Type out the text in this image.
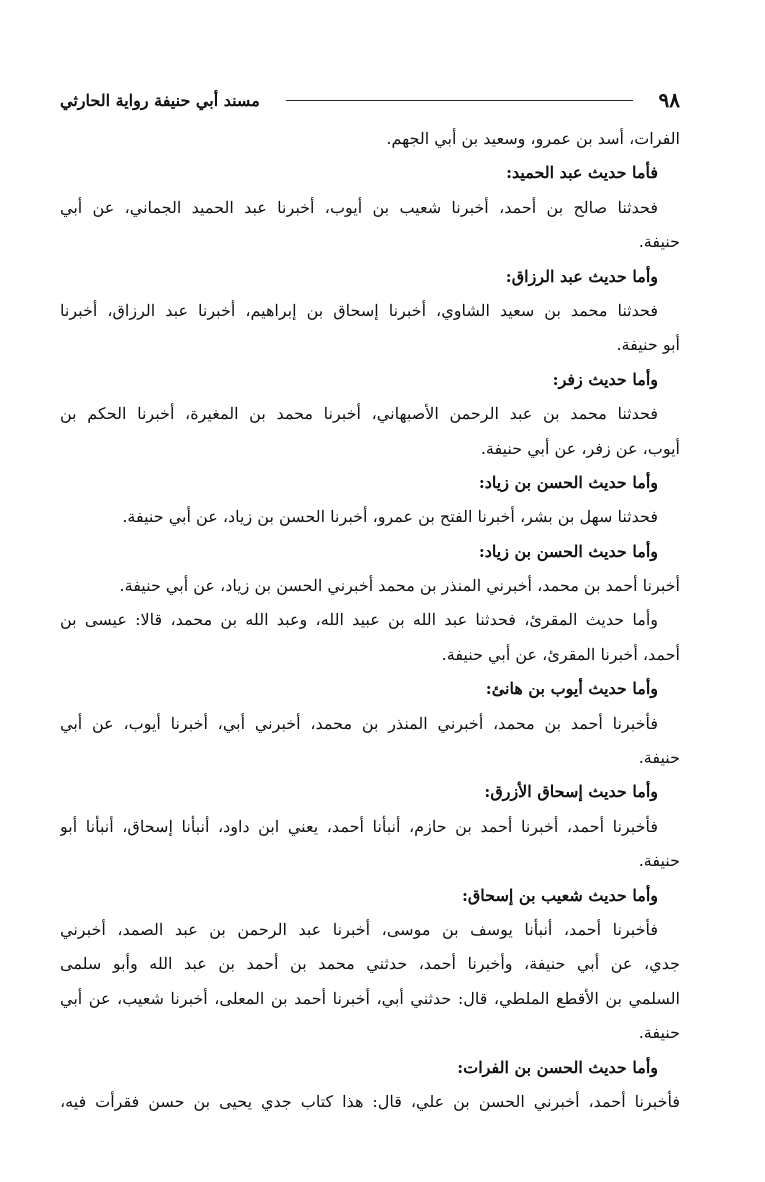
٩٨
مسند أبي حنيفة رواية الحارثي
الفرات، أسد بن عمرو، وسعيد بن أبي الجهم.
فأما حديث عبد الحميد:
فحدثنا صالح بن أحمد، أخبرنا شعيب بن أيوب، أخبرنا عبد الحميد الجماني، عن أبي
حنيفة.
وأما حديث عبد الرزاق:
فحدثنا محمد بن سعيد الشاوي، أخبرنا إسحاق بن إبراهيم، أخبرنا عبد الرزاق، أخبرنا
أبو حنيفة.
وأما حديث زفر:
فحدثنا محمد بن عبد الرحمن الأصبهاني، أخبرنا محمد بن المغيرة، أخبرنا الحكم بن
أيوب، عن زفر، عن أبي حنيفة.
وأما حديث الحسن بن زياد:
فحدثنا سهل بن بشر، أخبرنا الفتح بن عمرو، أخبرنا الحسن بن زياد، عن أبي حنيفة.
وأما حديث الحسن بن زياد:
أخبرنا أحمد بن محمد، أخبرني المنذر بن محمد أخبرني الحسن بن زياد، عن أبي حنيفة.
وأما حديث المقرئ، فحدثنا عبد الله بن عبيد الله، وعبد الله بن محمد، قالا: عيسى بن
أحمد، أخبرنا المقرئ، عن أبي حنيفة.
وأما حديث أيوب بن هانئ:
فأخبرنا أحمد بن محمد، أخبرني المنذر بن محمد، أخبرني أبي، أخبرنا أيوب، عن أبي
حنيفة.
وأما حديث إسحاق الأزرق:
فأخبرنا أحمد، أخبرنا أحمد بن حازم، أنبأنا أحمد، يعني ابن داود، أنبأنا إسحاق، أنبأنا أبو
حنيفة.
وأما حديث شعيب بن إسحاق:
فأخبرنا أحمد، أنبأنا يوسف بن موسى، أخبرنا عبد الرحمن بن عبد الصمد، أخبرني
جدي، عن أبي حنيفة، وأخبرنا أحمد، حدثني محمد بن أحمد بن عبد الله وأبو سلمى
السلمي بن الأقطع الملطي، قال: حدثني أبي، أخبرنا أحمد بن المعلى، أخبرنا شعيب، عن أبي
حنيفة.
وأما حديث الحسن بن الفرات:
فأخبرنا أحمد، أخبرني الحسن بن علي، قال: هذا كتاب جدي يحيى بن حسن فقرأت فيه،
